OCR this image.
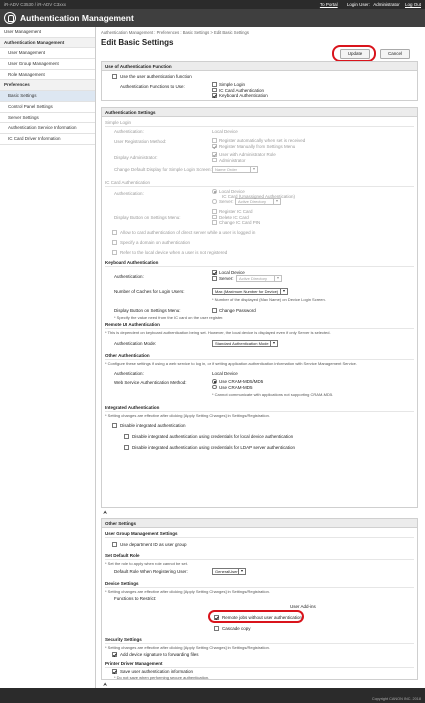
iR-ADV C3530 / iR-ADV C3xxx	To Portal Login User: Administrator Log Out
Authentication Management
User Management
Authentication Management
User Management
User Group Management
Role Management
Preferences
Basic Settings
Control Panel Settings
Server Settings
Authentication Service Information
IC Card Driver Information
Authentication Management : Preferences : Basic Settings > Edit Basic Settings
Edit Basic Settings
Update	Cancel
Use of Authentication Function
Use the user authentication function
Authentication Functions to Use:	Simple Login
IC Card Authentication
Keyboard Authentication
Authentication Settings
Simple Login
Authentication:	Local Device
User Registration Method:	Register automatically when set is received
Register Manually from Settings Menu
Display Administrator:
User with Administrator Role
Administrator
Change Default Display for Simple Login Screen: Name Order ▼
IC Card Authentication
Authentication:	Local Device
IC Card (Unassigned Authentication)
Server:	Active Directory ▼
Display Button on Settings Menu:
Register IC Card
Delete IC Card
Change IC Card PIN
Allow to card authentication of direct server while a user is logged in
Specify a domain on authentication
Refer to the local device when a user is not registered
Keyboard Authentication
Authentication:
Local Device
Server:	Active Directory ▼
Number of Caches for Login Users:	Max (Maximum Number for Device) ▼
* Number of the displayed (Max Name) on Device Login Screen.
Display Button on Settings Menu:	Change Password
* Specify the value need from the IC card on the user register.
Remote UI Authentication
* This is dependent on keyboard authentication being set. However, the local device is displayed even if only Server is selected.
Authentication Mode:	Standard Authentication Mode ▼
Other Authentication
* Configure these settings if using a web service to log in, or if setting application authentication information with Service Management Service.
Authentication:	Local Device
Web Service Authentication Method:	Use CRAM-MD5/MD5
Use CRAM-MD5
* Cannot communicate with applications not supporting CRAM-MD5.
Integrated Authentication
* Setting changes are effective after clicking [Apply Setting Changes] in Settings/Registration.
Disable integrated authentication
Disable integrated authentication using credentials for local device authentication
Disable integrated authentication using credentials for LDAP server authentication
⮝
Other Settings
User Group Management Settings
Use department ID as user group
Set Default Role
* Set the role to apply when role cannot be set.
Default Role When Registering User:	GeneralUser ▼
Device Settings
* Setting changes are effective after clicking [Apply Setting Changes] in Settings/Registration.
Functions to Restrict:
User Add-ins
Remote jobs without user authentication
Cascade copy
Security Settings
* Setting changes are effective after clicking [Apply Setting Changes] in Settings/Registration.
Add device signature to forwarding files
Printer Driver Management
Save user authentication information
* Do not save when performing secure authentication.
⮝
Copyright CANON INC. 2018
